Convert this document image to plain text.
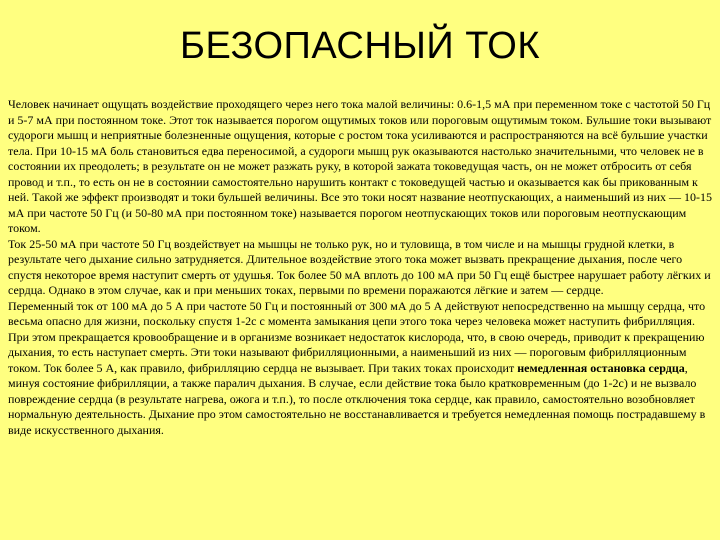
БЕЗОПАСНЫЙ ТОК

Человек начинает ощущать воздействие проходящего через него тока малой величины: 0.6-1,5 мА при переменном токе с частотой 50 Гц и 5-7 мА при постоянном токе. Этот ток называется порогом ощутимых токов или пороговым ощутимым током. Бульшие токи вызывают судороги мышц и неприятные болезненные ощущения, которые с ростом тока усиливаются и распространяются на всё бульшие участки тела. При 10-15 мА боль становиться едва переносимой, а судороги мышц рук оказываются настолько значительными, что человек не в состоянии их преодолеть; в результате он не может разжать руку, в которой зажата токоведущая часть, он не может отбросить от себя провод и т.п., то есть он не в состоянии самостоятельно нарушить контакт с токоведущей частью и оказывается как бы прикованным к ней. Такой же эффект производят и токи бульшей величины. Все это токи носят название неотпускающих, а наименьший из них — 10-15 мА при частоте 50 Гц (и 50-80 мА при постоянном токе) называется порогом неотпускающих токов или пороговым неотпускающим током.

Ток 25-50 мА при частоте 50 Гц воздействует на мышцы не только рук, но и туловища, в том числе и на мышцы грудной клетки, в результате чего дыхание сильно затрудняется. Длительное воздействие этого тока может вызвать прекращение дыхания, после чего спустя некоторое время наступит смерть от удушья. Ток более 50 мА вплоть до 100 мА при 50 Гц ещё быстрее нарушает работу лёгких и сердца. Однако в этом случае, как и при меньших токах, первыми по времени поражаются лёгкие и затем — сердце.

Переменный ток от 100 мА до 5 А при частоте 50 Гц и постоянный от 300 мА до 5 А действуют непосредственно на мышцу сердца, что весьма опасно для жизни, поскольку спустя 1-2с с момента замыкания цепи этого тока через человека может наступить фибрилляция. При этом прекращается кровообращение и в организме возникает недостаток кислорода, что, в свою очередь, приводит к прекращению дыхания, то есть наступает смерть. Эти токи называют фибрилляционными, а наименьший из них — пороговым фибрилляционным током. Ток более 5 А, как правило, фибрилляцию сердца не вызывает. При таких токах происходит немедленная остановка сердца, минуя состояние фибрилляции, а также паралич дыхания. В случае, если действие тока было кратковременным (до 1-2с) и не вызвало повреждение сердца (в результате нагрева, ожога и т.п.), то после отключения тока сердце, как правило, самостоятельно возобновляет нормальную деятельность. Дыхание про этом самостоятельно не восстанавливается и требуется немедленная помощь пострадавшему в виде искусственного дыхания.
